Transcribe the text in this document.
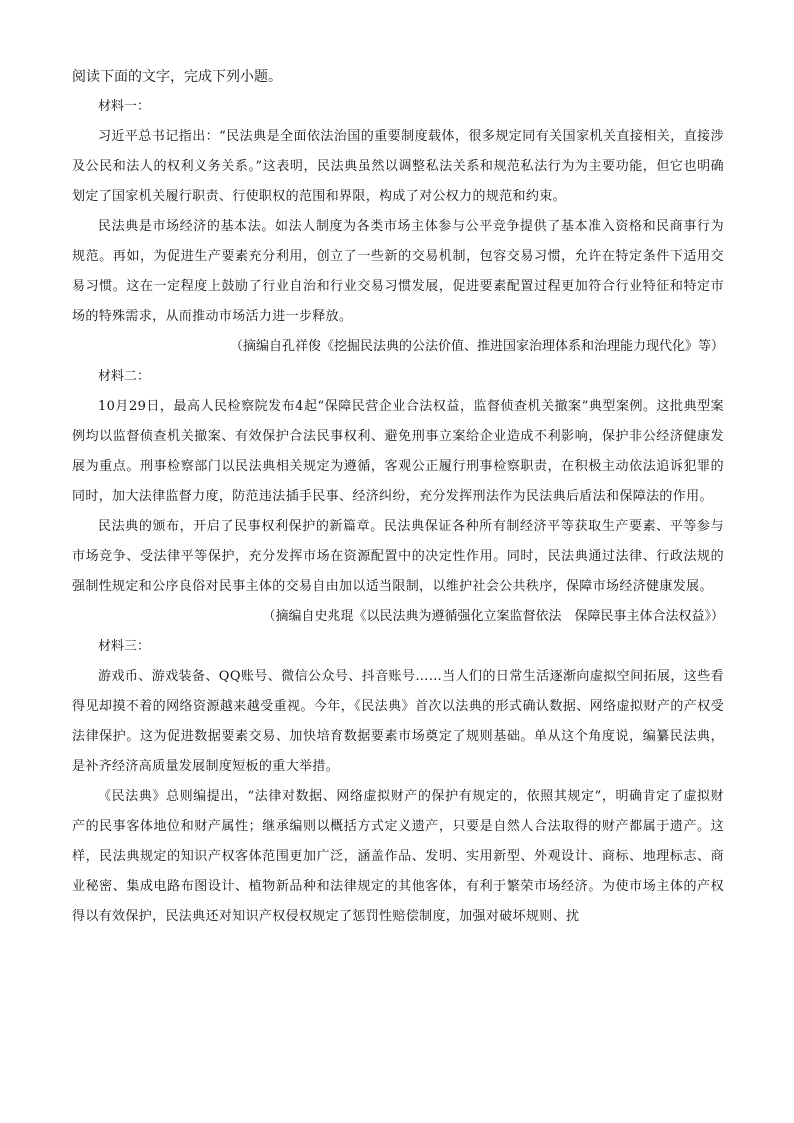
阅读下面的文字，完成下列小题。

材料一：

习近平总书记指出：“民法典是全面依法治国的重要制度载体，很多规定同有关国家机关直接相关，直接涉及公民和法人的权利义务关系。”这表明，民法典虽然以调整私法关系和规范私法行为为主要功能，但它也明确划定了国家机关履行职责、行使职权的范围和界限，构成了对公权力的规范和约束。

民法典是市场经济的基本法。如法人制度为各类市场主体参与公平竞争提供了基本准入资格和民商事行为规范。再如，为促进生产要素充分利用，创立了一些新的交易机制，包容交易习惯，允许在特定条件下适用交易习惯。这在一定程度上鼓励了行业自治和行业交易习惯发展，促进要素配置过程更加符合行业特征和特定市场的特殊需求，从而推动市场活力进一步释放。

（摘编自孔祥俊《挖掘民法典的公法价值、推进国家治理体系和治理能力现代化》等）

材料二：

10月29日，最高人民检察院发布4起“保障民营企业合法权益，监督侦查机关撤案”典型案例。这批典型案例均以监督侦查机关撤案、有效保护合法民事权利、避免刑事立案给企业造成不利影响，保护非公经济健康发展为重点。刑事检察部门以民法典相关规定为遵循，客观公正履行刑事检察职责，在积极主动依法追诉犯罪的同时，加大法律监督力度，防范违法插手民事、经济纠纷，充分发挥刑法作为民法典后盾法和保障法的作用。

民法典的颁布，开启了民事权利保护的新篇章。民法典保证各种所有制经济平等获取生产要素、平等参与市场竞争、受法律平等保护，充分发挥市场在资源配置中的决定性作用。同时，民法典通过法律、行政法规的强制性规定和公序良俗对民事主体的交易自由加以适当限制，以维护社会公共秩序，保障市场经济健康发展。

（摘编自史兆琨《以民法典为遵循强化立案监督依法　保障民事主体合法权益》）

材料三：

游戏币、游戏装备、QQ账号、微信公众号、抖音账号……当人们的日常生活逐渐向虚拟空间拓展，这些看得见却摸不着的网络资源越来越受重视。今年，《民法典》首次以法典的形式确认数据、网络虚拟财产的产权受法律保护。这为促进数据要素交易、加快培育数据要素市场奠定了规则基础。单从这个角度说，编纂民法典，是补齐经济高质量发展制度短板的重大举措。

《民法典》总则编提出，“法律对数据、网络虚拟财产的保护有规定的，依照其规定”，明确肯定了虚拟财产的民事客体地位和财产属性；继承编则以概括方式定义遗产，只要是自然人合法取得的财产都属于遗产。这样，民法典规定的知识产权客体范围更加广泛，涵盖作品、发明、实用新型、外观设计、商标、地理标志、商业秘密、集成电路布图设计、植物新品种和法律规定的其他客体，有利于繁荣市场经济。为使市场主体的产权得以有效保护，民法典还对知识产权侵权规定了惩罚性赔偿制度，加强对破坏规则、扰
